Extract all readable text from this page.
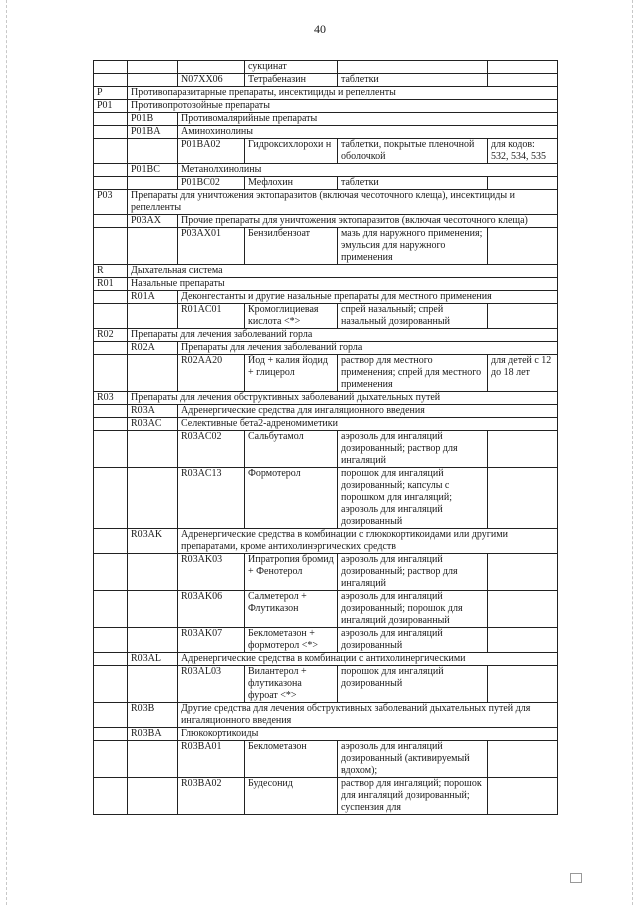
40
			сукцинат		
		N07XX06	Тетрабеназин	таблетки	
P	Противопаразитарные препараты, инсектициды и репелленты				
P01	Противопротозойные препараты				
	P01B	Противомалярийные препараты			
	P01BA	Аминохинолины			
		P01BA02	Гидроксихлорохи н	таблетки, покрытые пленочной оболочкой	для кодов: 532, 534, 535
	P01BC	Метанолхинолины			
		P01BC02	Мефлохин	таблетки	
P03	Препараты для уничтожения эктопаразитов (включая чесоточного клеща), инсектициды и репелленты				
	P03AX	Прочие препараты для уничтожения эктопаразитов (включая чесоточного клеща)			
		P03AX01	Бензилбензоат	мазь для наружного применения; эмульсия для наружного применения	
R	Дыхательная система				
R01	Назальные препараты				
	R01A	Деконгестанты и другие назальные препараты для местного применения			
		R01AC01	Кромоглициевая кислота <*>	спрей назальный; спрей назальный дозированный	
R02	Препараты для лечения заболеваний горла				
	R02A	Препараты для лечения заболеваний горла			
		R02AA20	Йод + калия йодид + глицерол	раствор для местного применения; спрей для местного применения	для детей с 12 до 18 лет
R03	Препараты для лечения обструктивных заболеваний дыхательных путей				
	R03A	Адренергические средства для ингаляционного введения			
	R03AC	Селективные бета2-адреномиметики			
		R03AC02	Сальбутамол	аэрозоль для ингаляций дозированный; раствор для ингаляций	
		R03AC13	Формотерол	порошок для ингаляций дозированный; капсулы с порошком для ингаляций; аэрозоль для ингаляций дозированный	
	R03AK	Адренергические средства в комбинации с глюкокортикоидами или другими препаратами, кроме антихолинэргических средств			
		R03AK03	Ипратропия бромид + Фенотерол	аэрозоль для ингаляций дозированный; раствор для ингаляций	
		R03AK06	Салметерол + Флутиказон	аэрозоль для ингаляций дозированный; порошок для ингаляций дозированный	
		R03AK07	Беклометазон + формотерол <*>	аэрозоль для ингаляций дозированный	
	R03AL	Адренергические средства в комбинации с антихолинергическими			
		R03AL03	Вилантерол + флутиказона фуроат <*>	порошок для ингаляций дозированный	
	R03B	Другие средства для лечения обструктивных заболеваний дыхательных путей для ингаляционного введения			
	R03BA	Глюкокортикоиды			
		R03BA01	Беклометазон	аэрозоль для ингаляций дозированный (активируемый вдохом);	
		R03BA02	Будесонид	раствор для ингаляций; порошок для ингаляций дозированный; суспензия для	
